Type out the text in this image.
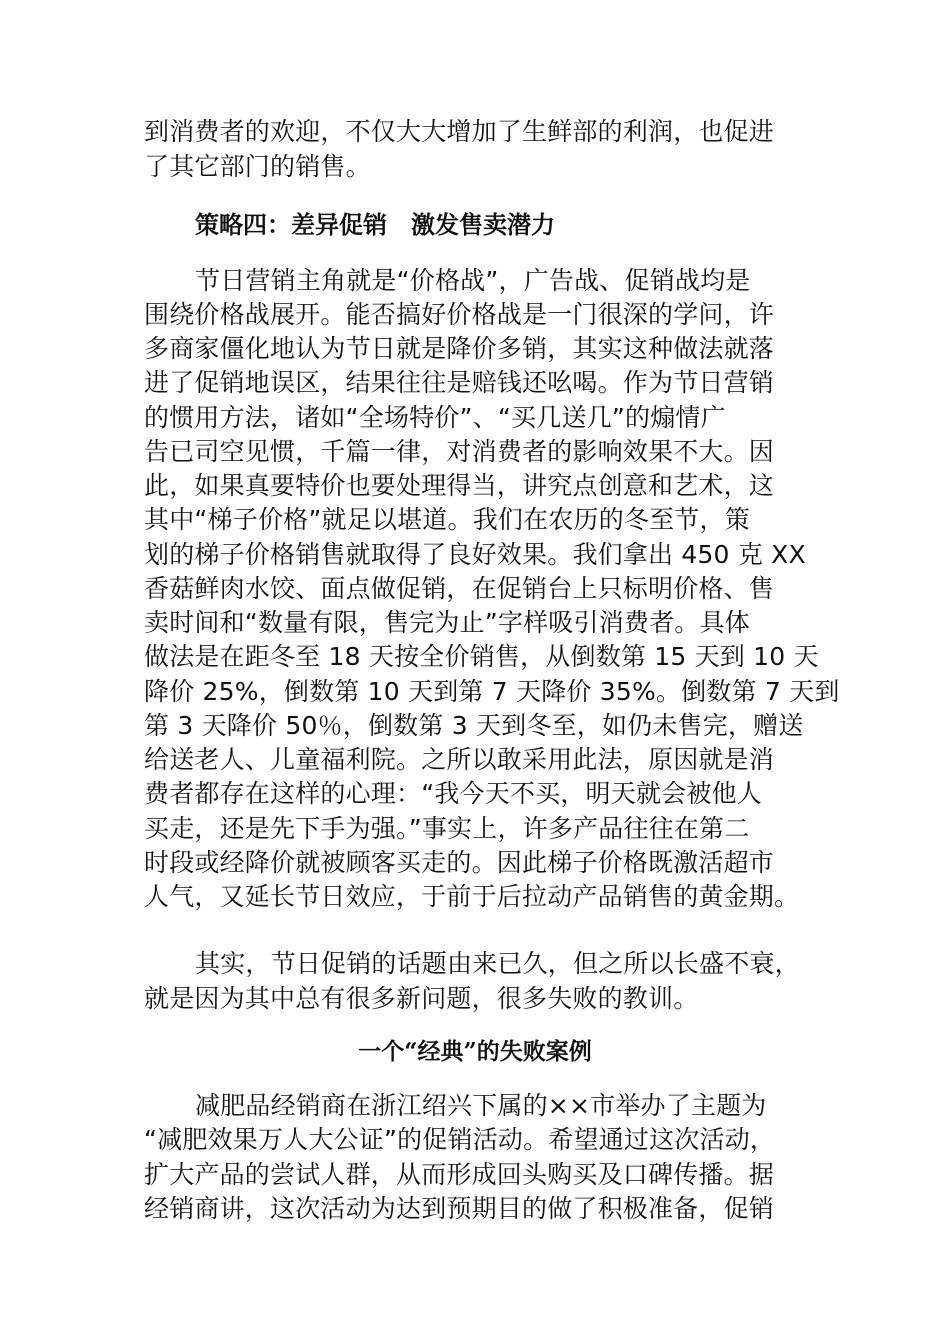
到消费者的欢迎，不仅大大增加了生鲜部的利润，也促进

了其它部门的销售。

策略四：差异促销 激发售卖潜力

节日营销主角就是“价格战”，广告战、促销战均是

围绕价格战展开。能否搞好价格战是一门很深的学问，许

多商家僵化地认为节日就是降价多销，其实这种做法就落

进了促销地误区，结果往往是赔钱还吆喝。作为节日营销

的惯用方法，诸如“全场特价”、“买几送几”的煽情广

告已司空见惯，千篇一律，对消费者的影响效果不大。因

此，如果真要特价也要处理得当，讲究点创意和艺术，这

其中“梯子价格”就足以堪道。我们在农历的冬至节，策

划的梯子价格销售就取得了良好效果。我们拿出 450 克 XX

香菇鲜肉水饺、面点做促销，在促销台上只标明价格、售

卖时间和“数量有限，售完为止”字样吸引消费者。具体

做法是在距冬至 18 天按全价销售，从倒数第 15 天到 10 天

降价 25%，倒数第 10 天到第 7 天降价 35%。倒数第 7 天到

第 3 天降价 50％，倒数第 3 天到冬至，如仍未售完，赠送

给送老人、儿童福利院。之所以敢采用此法，原因就是消

费者都存在这样的心理：“我今天不买，明天就会被他人

买走，还是先下手为强。”事实上，许多产品往往在第二

时段或经降价就被顾客买走的。因此梯子价格既激活超市

人气，又延长节日效应，于前于后拉动产品销售的黄金期。

其实，节日促销的话题由来已久，但之所以长盛不衰，

就是因为其中总有很多新问题，很多失败的教训。

一个“经典”的失败案例

减肥品经销商在浙江绍兴下属的××市举办了主题为

“减肥效果万人大公证”的促销活动。希望通过这次活动，

扩大产品的尝试人群，从而形成回头购买及口碑传播。据

经销商讲，这次活动为达到预期目的做了积极准备，促销
